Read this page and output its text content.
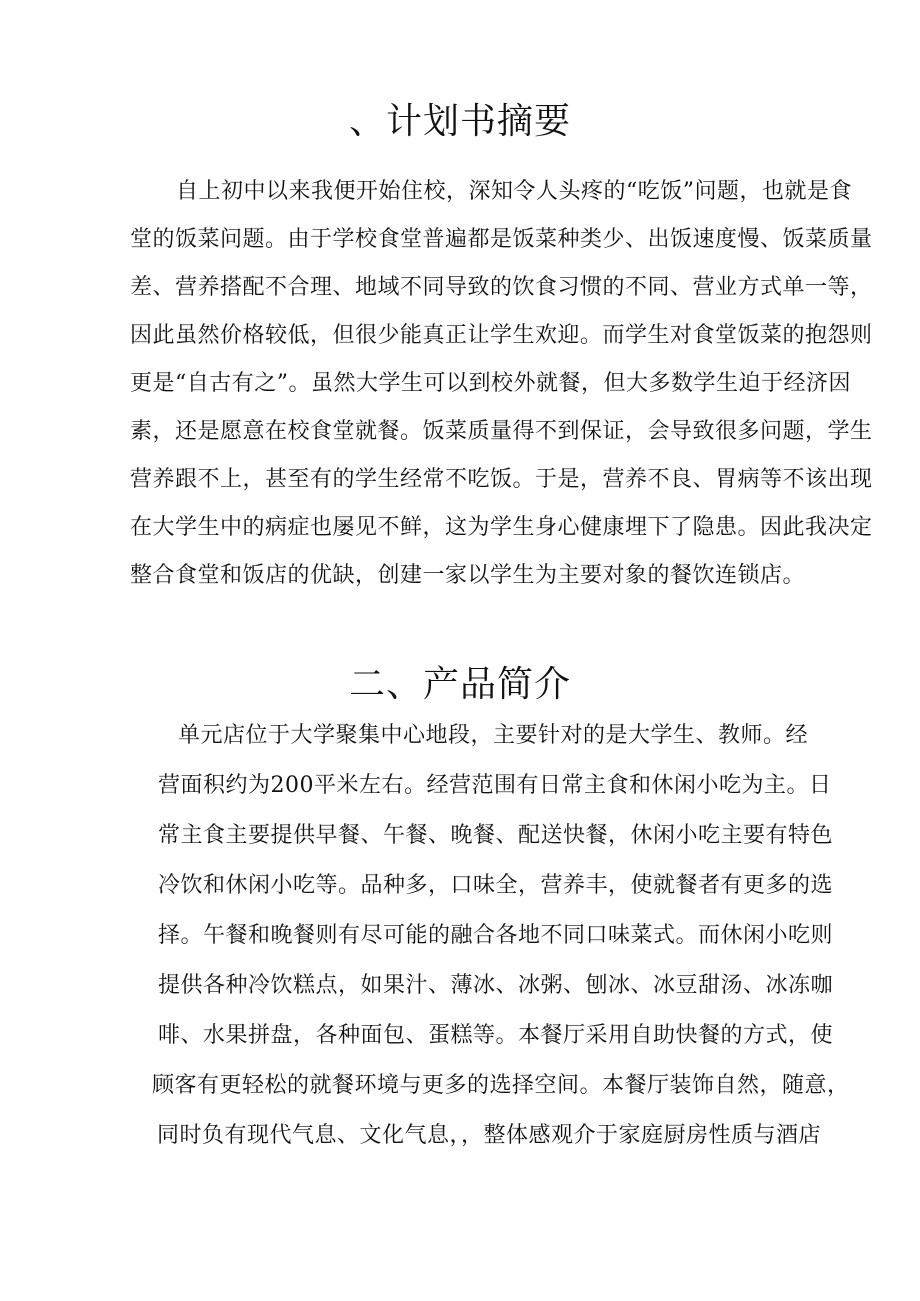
、计划书摘要
自上初中以来我便开始住校，深知令人头疼的“吃饭”问题，也就是食
堂的饭菜问题。由于学校食堂普遍都是饭菜种类少、出饭速度慢、饭菜质量
差、营养搭配不合理、地域不同导致的饮食习惯的不同、营业方式单一等，
因此虽然价格较低，但很少能真正让学生欢迎。而学生对食堂饭菜的抱怨则
更是“自古有之”。虽然大学生可以到校外就餐，但大多数学生迫于经济因
素，还是愿意在校食堂就餐。饭菜质量得不到保证，会导致很多问题，学生
营养跟不上，甚至有的学生经常不吃饭。于是，营养不良、胃病等不该出现
在大学生中的病症也屡见不鲜，这为学生身心健康埋下了隐患。因此我决定
整合食堂和饭店的优缺，创建一家以学生为主要对象的餐饮连锁店。
二、产品简介
单元店位于大学聚集中心地段，主要针对的是大学生、教师。经
营面积约为200平米左右。经营范围有日常主食和休闲小吃为主。日
常主食主要提供早餐、午餐、晚餐、配送快餐，休闲小吃主要有特色
冷饮和休闲小吃等。品种多，口味全，营养丰，使就餐者有更多的选
择。午餐和晚餐则有尽可能的融合各地不同口味菜式。而休闲小吃则
提供各种冷饮糕点，如果汁、薄冰、冰粥、刨冰、冰豆甜汤、冰冻咖
啡、水果拼盘，各种面包、蛋糕等。本餐厅采用自助快餐的方式，使
顾客有更轻松的就餐环境与更多的选择空间。本餐厅装饰自然，随意，
同时负有现代气息、文化气息，，整体感观介于家庭厨房性质与酒店
